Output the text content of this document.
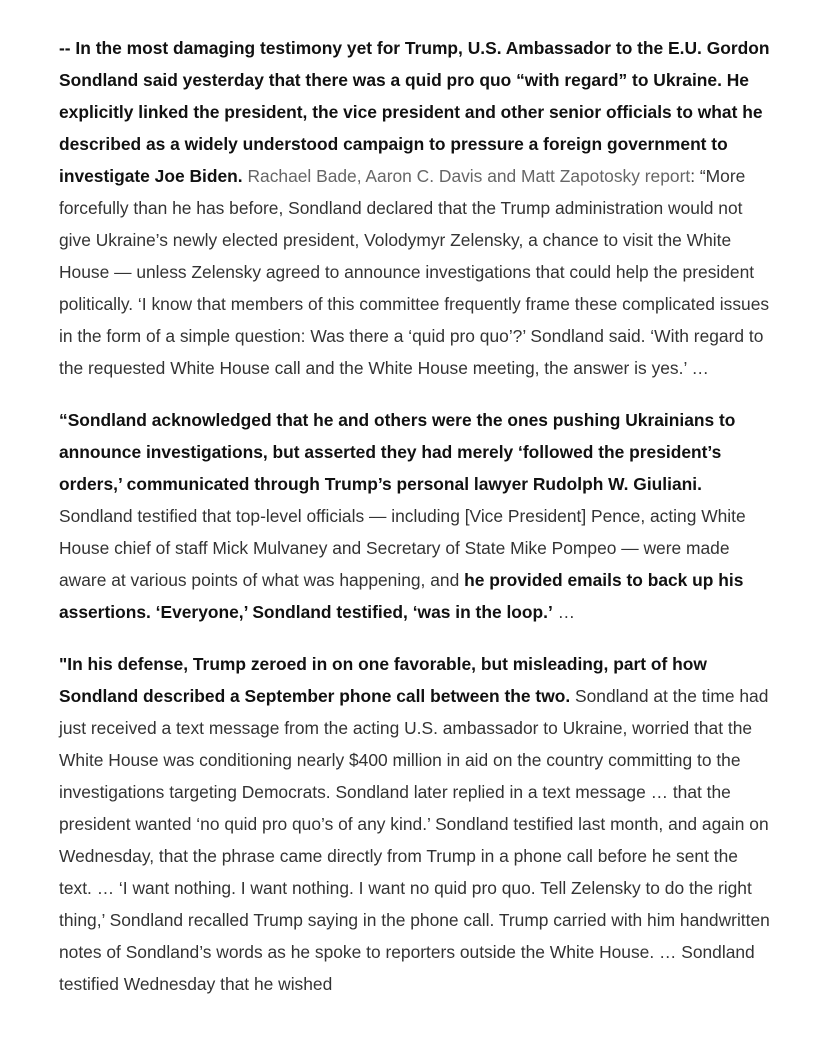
-- In the most damaging testimony yet for Trump, U.S. Ambassador to the E.U. Gordon Sondland said yesterday that there was a quid pro quo “with regard” to Ukraine. He explicitly linked the president, the vice president and other senior officials to what he described as a widely understood campaign to pressure a foreign government to investigate Joe Biden. Rachael Bade, Aaron C. Davis and Matt Zapotosky report: “More forcefully than he has before, Sondland declared that the Trump administration would not give Ukraine’s newly elected president, Volodymyr Zelensky, a chance to visit the White House — unless Zelensky agreed to announce investigations that could help the president politically. ‘I know that members of this committee frequently frame these complicated issues in the form of a simple question: Was there a ‘quid pro quo’?’ Sondland said. ‘With regard to the requested White House call and the White House meeting, the answer is yes.’ …

“Sondland acknowledged that he and others were the ones pushing Ukrainians to announce investigations, but asserted they had merely ‘followed the president’s orders,’ communicated through Trump’s personal lawyer Rudolph W. Giuliani. Sondland testified that top-level officials — including [Vice President] Pence, acting White House chief of staff Mick Mulvaney and Secretary of State Mike Pompeo — were made aware at various points of what was happening, and he provided emails to back up his assertions. ‘Everyone,’ Sondland testified, ‘was in the loop.’ …

"In his defense, Trump zeroed in on one favorable, but misleading, part of how Sondland described a September phone call between the two. Sondland at the time had just received a text message from the acting U.S. ambassador to Ukraine, worried that the White House was conditioning nearly $400 million in aid on the country committing to the investigations targeting Democrats. Sondland later replied in a text message … that the president wanted ‘no quid pro quo’s of any kind.’ Sondland testified last month, and again on Wednesday, that the phrase came directly from Trump in a phone call before he sent the text. … ‘I want nothing. I want nothing. I want no quid pro quo. Tell Zelensky to do the right thing,’ Sondland recalled Trump saying in the phone call. Trump carried with him handwritten notes of Sondland’s words as he spoke to reporters outside the White House. … Sondland testified Wednesday that he wished
